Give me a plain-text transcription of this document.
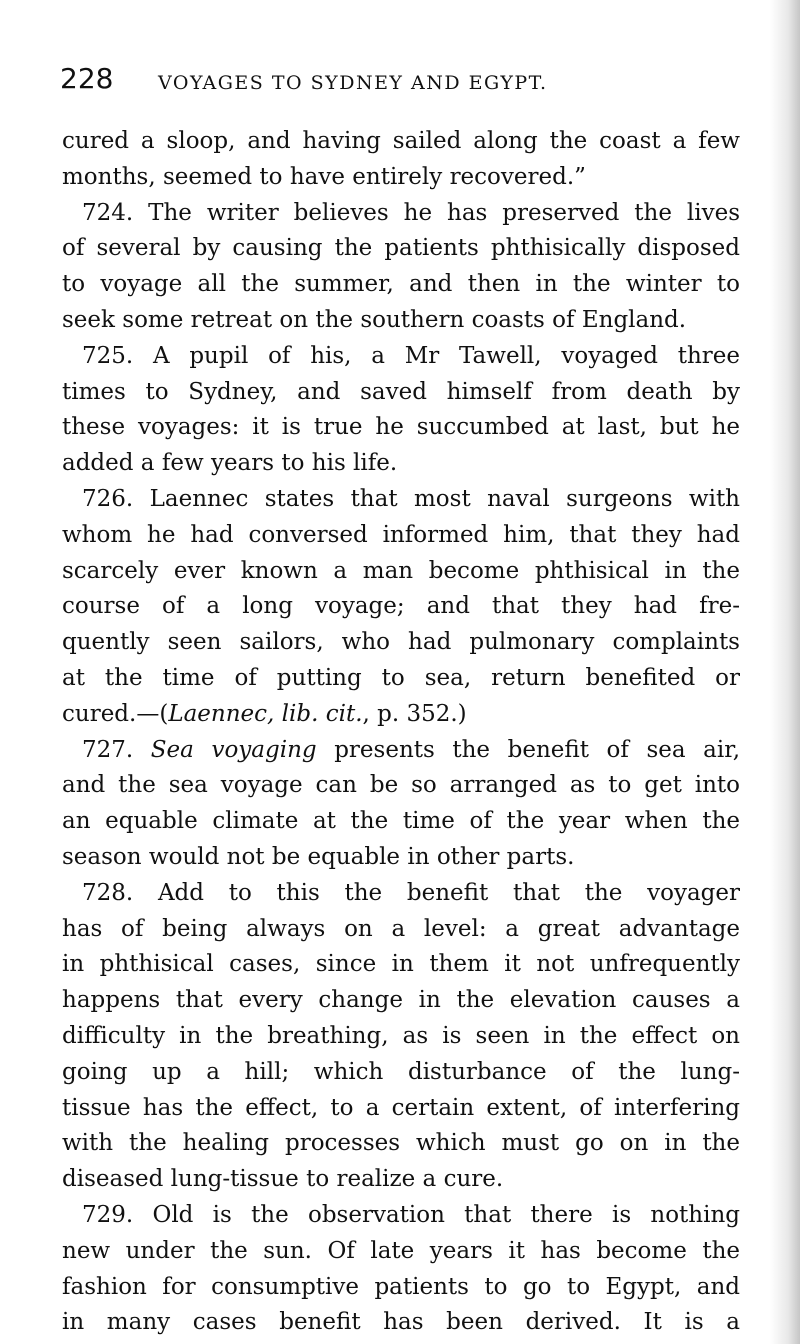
228 VOYAGES TO SYDNEY AND EGYPT.
cured a sloop, and having sailed along the coast a few
months, seemed to have entirely recovered.”
724. The writer believes he has preserved the lives
of several by causing the patients phthisically disposed
to voyage all the summer, and then in the winter to
seek some retreat on the southern coasts of England.
725. A pupil of his, a Mr Tawell, voyaged three
times to Sydney, and saved himself from death by
these voyages: it is true he succumbed at last, but he
added a few years to his life.
726. Laennec states that most naval surgeons with
whom he had conversed informed him, that they had
scarcely ever known a man become phthisical in the
course of a long voyage; and that they had fre-
quently seen sailors, who had pulmonary complaints
at the time of putting to sea, return benefited or
cured.—(Laennec, lib. cit., p. 352.)
727. Sea voyaging presents the benefit of sea air,
and the sea voyage can be so arranged as to get into
an equable climate at the time of the year when the
season would not be equable in other parts.
728. Add to this the benefit that the voyager
has of being always on a level: a great advantage
in phthisical cases, since in them it not unfrequently
happens that every change in the elevation causes a
difficulty in the breathing, as is seen in the effect on
going up a hill; which disturbance of the lung-
tissue has the effect, to a certain extent, of interfering
with the healing processes which must go on in the
diseased lung-tissue to realize a cure.
729. Old is the observation that there is nothing
new under the sun. Of late years it has become the
fashion for consumptive patients to go to Egypt, and
in many cases benefit has been derived. It is a
